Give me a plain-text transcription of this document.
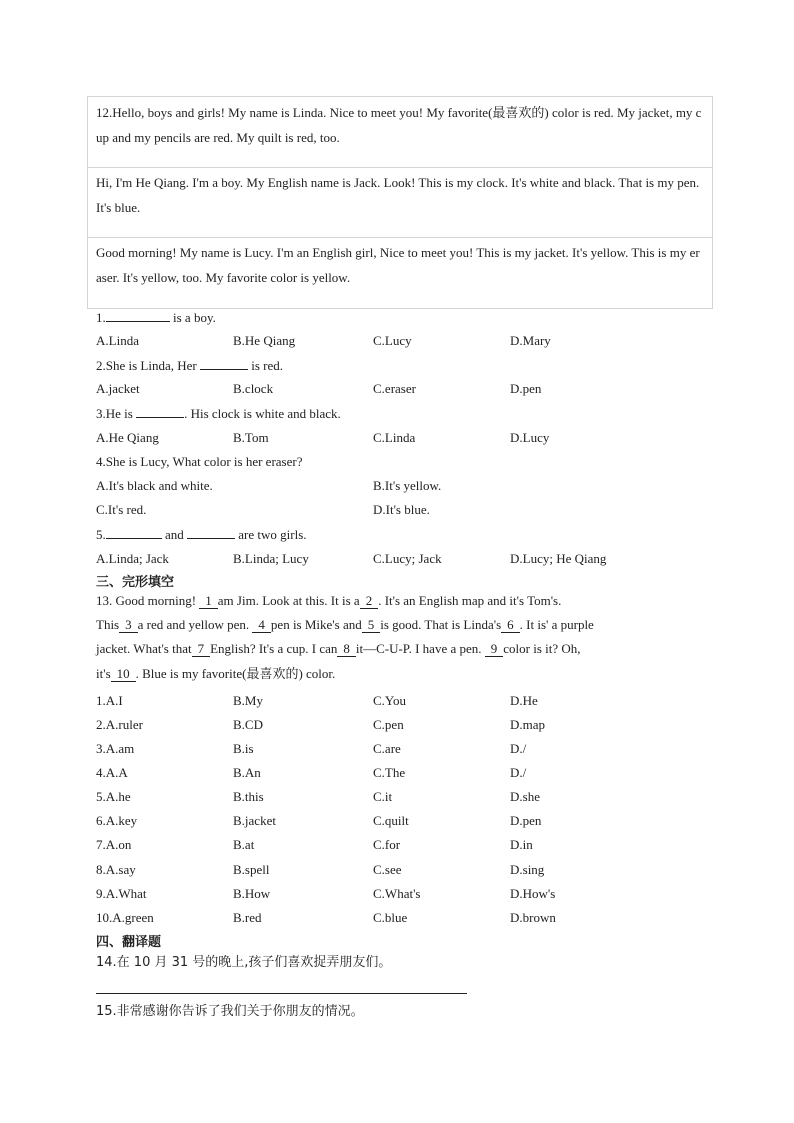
12.Hello, boys and girls! My name is Linda. Nice to meet you! My favorite(最喜欢的) color is red. My jacket, my cup and my pencils are red. My quilt is red, too.
Hi, I'm He Qiang. I'm a boy. My English name is Jack. Look! This is my clock. It's white and black. That is my pen. It's blue.
Good morning! My name is Lucy. I'm an English girl, Nice to meet you! This is my jacket. It's yellow. This is my eraser. It's yellow, too. My favorite color is yellow.
1.	is a boy.
A.Linda	B.He Qiang	C.Lucy	D.Mary
2.She is Linda, Her	is red.
A.jacket	B.clock	C.eraser	D.pen
3.He is	. His clock is white and black.
A.He Qiang	B.Tom	C.Linda	D.Lucy
4.She is Lucy, What color is her eraser?
A.It's black and white.	B.It's yellow.
C.It's red.	D.It's blue.
5.	and	are two girls.
A.Linda; Jack	B.Linda; Lucy	C.Lucy; Jack	D.Lucy; He Qiang
三、完形填空
13. Good morning! 1 am Jim. Look at this. It is a 2 . It's an English map and it's Tom's.
This 3 a red and yellow pen. 4 pen is Mike's and 5 is good. That is Linda's 6 . It is' a purple
jacket. What's that 7 English? It's a cup. I can 8 it—C-U-P. I have a pen. 9 color is it? Oh,
it's 10 . Blue is my favorite(最喜欢的) color.
1.A.I	B.My	C.You	D.He
2.A.ruler	B.CD	C.pen	D.map
3.A.am	B.is	C.are	D./
4.A.A	B.An	C.The	D./
5.A.he	B.this	C.it	D.she
6.A.key	B.jacket	C.quilt	D.pen
7.A.on	B.at	C.for	D.in
8.A.say	B.spell	C.see	D.sing
9.A.What	B.How	C.What's	D.How's
10.A.green	B.red	C.blue	D.brown
四、翻译题
14.在 10 月 31 号的晚上,孩子们喜欢捉弄朋友们。
15.非常感谢你告诉了我们关于你朋友的情况。
